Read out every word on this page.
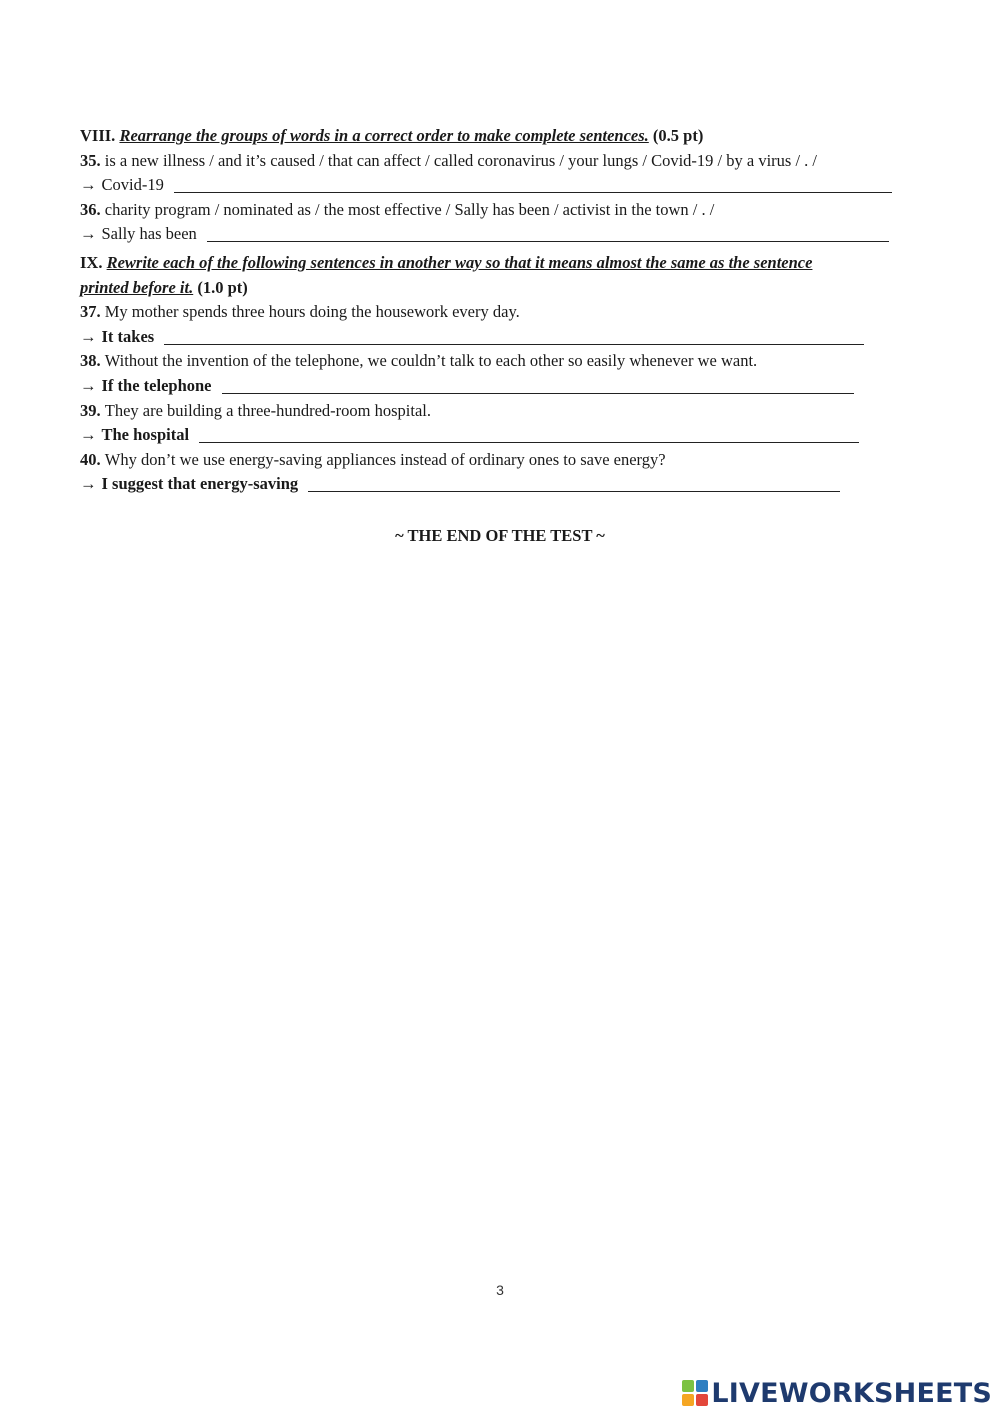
VIII.
Rearrange the groups of words in a correct order to make complete sentences.
(0.5 pt)
35.
is a new illness / and it’s caused / that can affect / called coronavirus / your lungs / Covid-19 / by a virus / . /
→ Covid-19
36.
charity program / nominated as / the most effective / Sally has been / activist in the town / . /
→ Sally has been
IX.
Rewrite each of the following sentences in another way so that it means almost the same as the sentence
printed before it.
(1.0 pt)
37.
My mother spends three hours doing the housework every day.
→ It takes
38.
Without the invention of the telephone, we couldn’t talk to each other so easily whenever we want.
→ If the telephone
39.
They are building a three-hundred-room hospital.
→ The hospital
40.
Why don’t we use energy-saving appliances instead of ordinary ones to save energy?
→ I suggest that energy-saving
~ THE END OF THE TEST ~
3
LIVEWORKSHEETS
